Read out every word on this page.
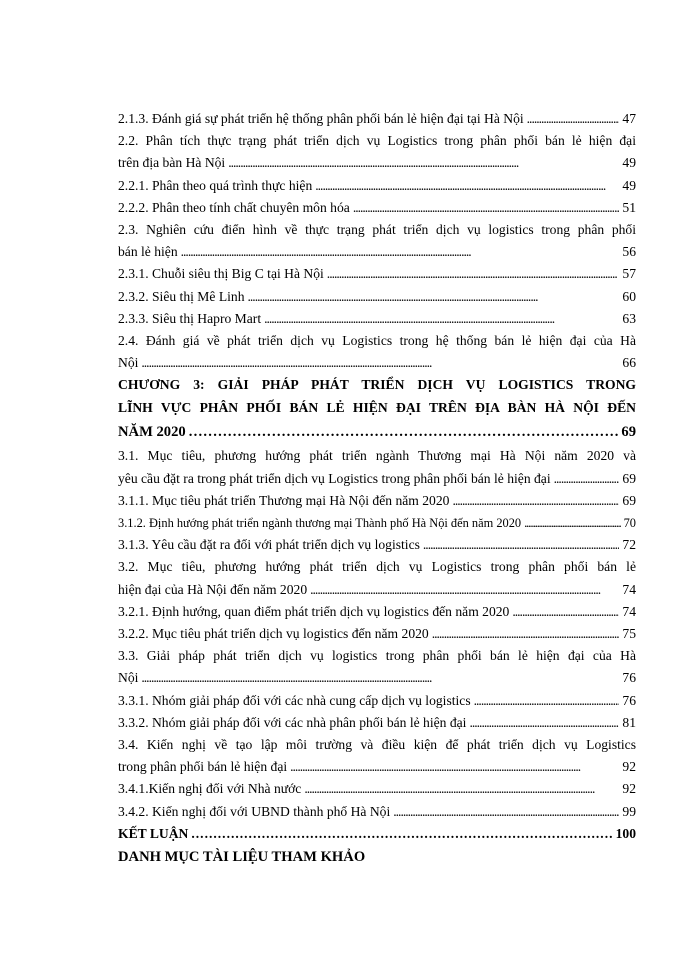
2.1.3. Đánh giá sự phát triển hệ thống phân phối bán lẻ hiện đại tại Hà Nội . . .	47
2.2. Phân tích thực trạng phát triển dịch vụ Logistics trong phân phối bán lẻ hiện đại
trên địa bàn Hà Nội . . .	49
2.2.1. Phân theo quá trình thực hiện . . .	49
2.2.2. Phân theo tính chất chuyên môn hóa . . .	51
2.3. Nghiên cứu điển hình về thực trạng phát triển dịch vụ logistics trong phân phối
bán lẻ hiện . . .	56
2.3.1. Chuỗi siêu thị Big C tại Hà Nội . . .	57
2.3.2. Siêu thị Mê Linh . . .	60
2.3.3. Siêu thị Hapro Mart . . .	63
2.4. Đánh giá về phát triển dịch vụ Logistics trong hệ thống bán lẻ hiện đại của Hà
Nội . . .	66
CHƯƠNG 3: GIẢI PHÁP PHÁT TRIỂN DỊCH VỤ LOGISTICS TRONG
LĨNH VỰC PHÂN PHỐI BÁN LẺ HIỆN ĐẠI TRÊN ĐỊA BÀN HÀ NỘI ĐẾN
NĂM 2020 . . .	69
3.1. Mục tiêu, phương hướng phát triển ngành Thương mại Hà Nội năm 2020 và
yêu cầu đặt ra trong phát triển dịch vụ Logistics trong phân phối bán lẻ hiện đại . . .	69
3.1.1. Mục tiêu phát triển Thương mại Hà Nội đến năm 2020 . . .	69
3.1.2. Định hướng phát triển ngành thương mại Thành phố Hà Nội đến năm 2020 . . .	70
3.1.3. Yêu cầu đặt ra đối với phát triển dịch vụ logistics . . .	72
3.2. Mục tiêu, phương hướng phát triển dịch vụ Logistics trong phân phối bán lẻ
hiện đại của Hà Nội đến năm 2020 . . .	74
3.2.1. Định hướng, quan điểm phát triển dịch vụ logistics đến năm 2020 . . .	74
3.2.2. Mục tiêu phát triển dịch vụ logistics đến năm 2020 . . .	75
3.3. Giải pháp phát triển dịch vụ logistics trong phân phối bán lẻ hiện đại của Hà
Nội . . .	76
3.3.1. Nhóm giải pháp đối với các nhà cung cấp dịch vụ logistics . . .	76
3.3.2. Nhóm giải pháp đối với các nhà phân phối bán lẻ hiện đại . . .	81
3.4. Kiến nghị về tạo lập môi trường và điều kiện để phát triển dịch vụ Logistics
trong phân phối bán lẻ hiện đại . . .	92
3.4.1.Kiến nghị đối với Nhà nước . . .	92
3.4.2. Kiến nghị đối với UBND thành phố Hà Nội . . .	99
KẾT LUẬN . . .	100
DANH MỤC TÀI LIỆU THAM KHẢO
